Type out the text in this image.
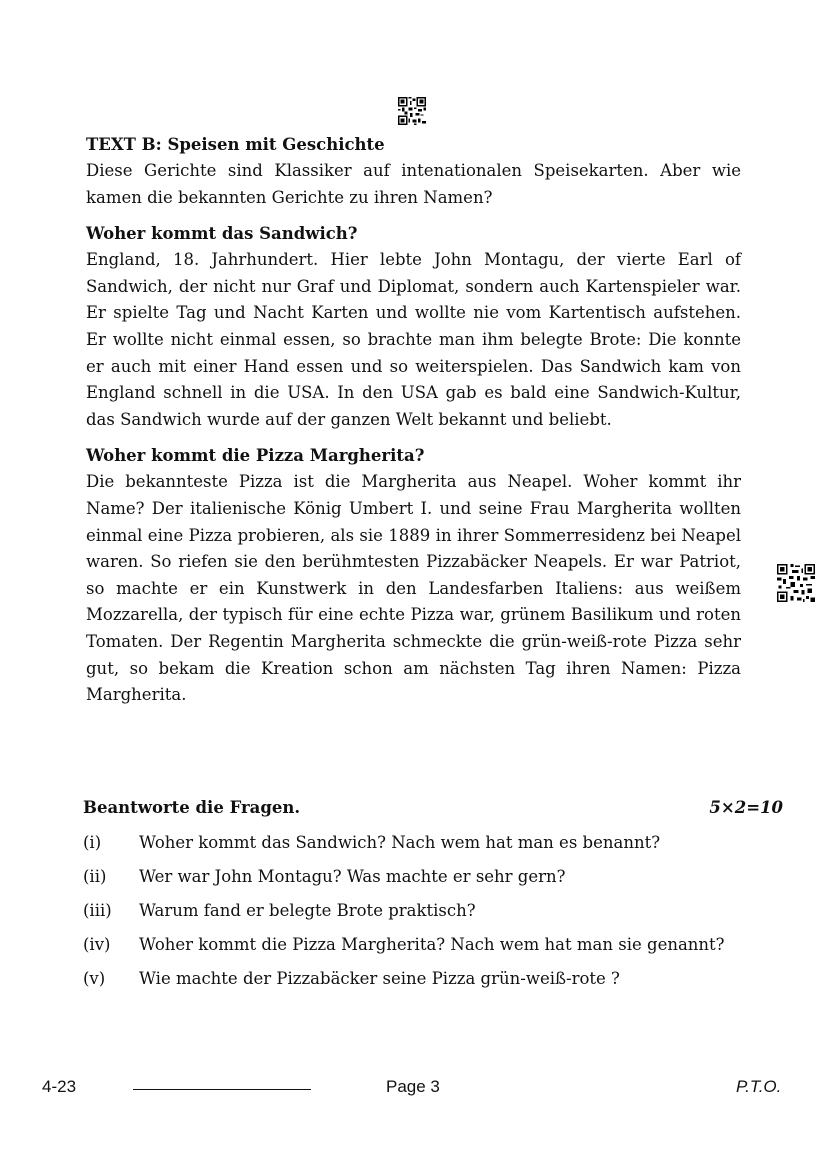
TEXT B: Speisen mit Geschichte

Diese Gerichte sind Klassiker auf intenationalen Speisekarten. Aber wie kamen die bekannten Gerichte zu ihren Namen?

Woher kommt das Sandwich?

England, 18. Jahrhundert. Hier lebte John Montagu, der vierte Earl of Sandwich, der nicht nur Graf und Diplomat, sondern auch Kartenspieler war. Er spielte Tag und Nacht Karten und wollte nie vom Kartentisch aufstehen. Er wollte nicht einmal essen, so brachte man ihm belegte Brote: Die konnte er auch mit einer Hand essen und so weiterspielen. Das Sandwich kam von England schnell in die USA. In den USA gab es bald eine Sandwich-Kultur, das Sandwich wurde auf der ganzen Welt bekannt und beliebt.

Woher kommt die Pizza Margherita?

Die bekannteste Pizza ist die Margherita aus Neapel. Woher kommt ihr Name? Der italienische König Umbert I. und seine Frau Margherita wollten einmal eine Pizza probieren, als sie 1889 in ihrer Sommerresidenz bei Neapel waren. So riefen sie den berühmtesten Pizzabäcker Neapels. Er war Patriot, so machte er ein Kunstwerk in den Landesfarben Italiens: aus weißem Mozzarella, der typisch für eine echte Pizza war, grünem Basilikum und roten Tomaten. Der Regentin Margherita schmeckte die grün-weiß-rote Pizza sehr gut, so bekam die Kreation schon am nächsten Tag ihren Namen: Pizza Margherita.

Beantworte die Fragen.	5×2=10
(i)	Woher kommt das Sandwich? Nach wem hat man es benannt?
(ii)	Wer war John Montagu? Was machte er sehr gern?
(iii)	Warum fand er belegte Brote praktisch?
(iv)	Woher kommt die Pizza Margherita? Nach wem hat man sie genannt?
(v)	Wie machte der Pizzabäcker seine Pizza grün-weiß-rote ?
4-23	Page 3	P.T.O.
